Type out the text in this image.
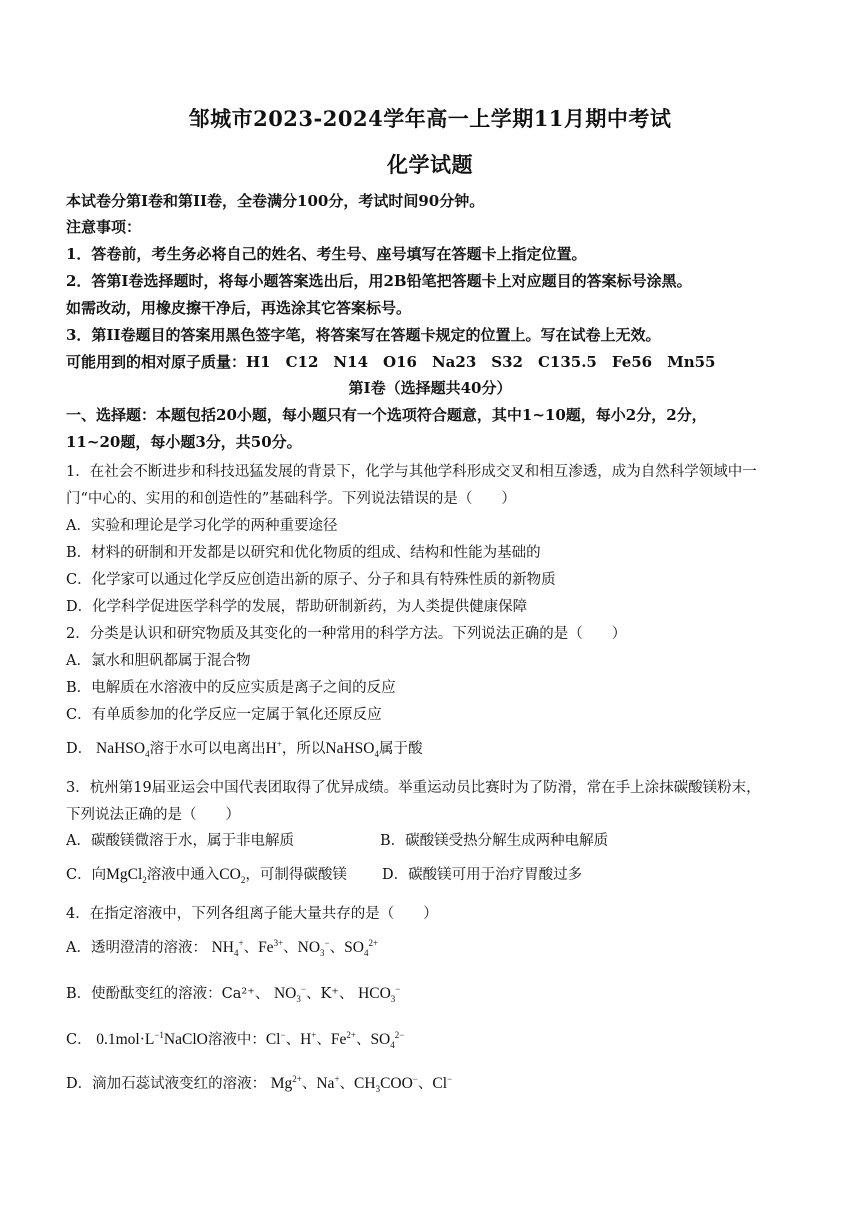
邹城市2023-2024学年高一上学期11月期中考试
化学试题
本试卷分第I卷和第II卷，全卷满分100分，考试时间90分钟。
注意事项：
1．答卷前，考生务必将自己的姓名、考生号、座号填写在答题卡上指定位置。
2．答第I卷选择题时，将每小题答案选出后，用2B铅笔把答题卡上对应题目的答案标号涂黑。
如需改动，用橡皮擦干净后，再选涂其它答案标号。
3．第II卷题目的答案用黑色签字笔，将答案写在答题卡规定的位置上。写在试卷上无效。
可能用到的相对原子质量：H1　C12　N14　O16　Na23　S32　C135.5　Fe56　Mn55
第I卷（选择题共40分）
一、选择题：本题包括20小题，每小题只有一个选项符合题意，其中1~10题，每小2分，2分，
11~20题，每小题3分，共50分。
1．在社会不断进步和科技迅猛发展的背景下，化学与其他学科形成交叉和相互渗透，成为自然科学领域中一
门“中心的、实用的和创造性的”基础科学。下列说法错误的是（　　）
A．实验和理论是学习化学的两种重要途径
B．材料的研制和开发都是以研究和优化物质的组成、结构和性能为基础的
C．化学家可以通过化学反应创造出新的原子、分子和具有特殊性质的新物质
D．化学科学促进医学科学的发展，帮助研制新药，为人类提供健康保障
2．分类是认识和研究物质及其变化的一种常用的科学方法。下列说法正确的是（　　）
A．氯水和胆矾都属于混合物
B．电解质在水溶液中的反应实质是离子之间的反应
C．有单质参加的化学反应一定属于氧化还原反应
D． NaHSO$_4$溶于水可以电离出H+，所以NaHSO$_4$属于酸
3．杭州第19届亚运会中国代表团取得了优异成绩。举重运动员比赛时为了防滑，常在手上涂抹碳酸镁粉末，
下列说法正确的是（　　）
A．碳酸镁微溶于水，属于非电解质	B．碳酸镁受热分解生成两种电解质
C．向MgCl$_2$溶液中通入$CO_2$，可制得碳酸镁 D．碳酸镁可用于治疗胃酸过多
4．在指定溶液中，下列各组离子能大量共存的是（　　）
A．透明澄清的溶液： $NH_4^+$、$Fe^{3+}$、$NO_3^-$、$SO_4^{2+}$
B．使酚酞变红的溶液：Ca²⁺、 $NO_3^-$、K⁺、 $HCO_3^-$
C． $0.1mol\cdot L^{-1}NaClO$溶液中：Cl−、H+、$Fe^{2+}$、$SO_4^{2-}$
D．滴加石蕊试液变红的溶液： $Mg^{2+}$、Na+、$CH_3COO^-$、Cl−
